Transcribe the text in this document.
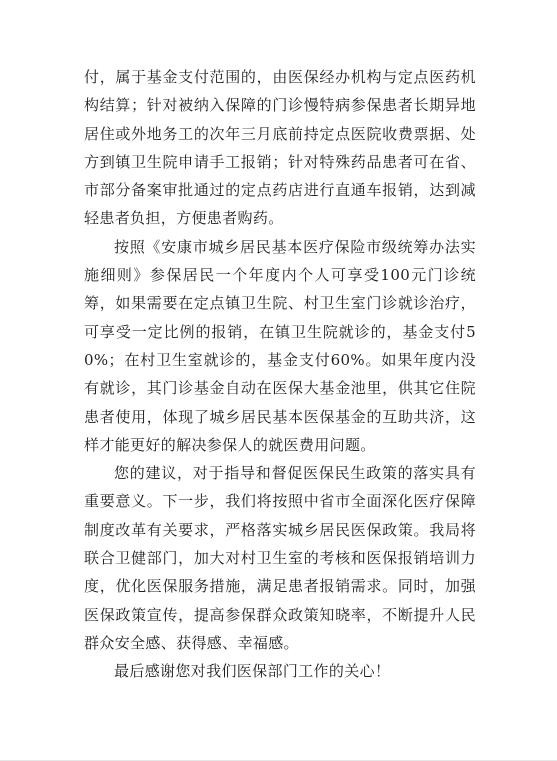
付，属于基金支付范围的，由医保经办机构与定点医药机构结算；针对被纳入保障的门诊慢特病参保患者长期异地居住或外地务工的次年三月底前持定点医院收费票据、处方到镇卫生院申请手工报销；针对特殊药品患者可在省、市部分备案审批通过的定点药店进行直通车报销，达到减轻患者负担，方便患者购药。

按照《安康市城乡居民基本医疗保险市级统筹办法实施细则》参保居民一个年度内个人可享受100元门诊统筹，如果需要在定点镇卫生院、村卫生室门诊就诊治疗，可享受一定比例的报销，在镇卫生院就诊的，基金支付50%；在村卫生室就诊的，基金支付60%。如果年度内没有就诊，其门诊基金自动在医保大基金池里，供其它住院患者使用，体现了城乡居民基本医保基金的互助共济，这样才能更好的解决参保人的就医费用问题。

您的建议，对于指导和督促医保民生政策的落实具有重要意义。下一步，我们将按照中省市全面深化医疗保障制度改革有关要求，严格落实城乡居民医保政策。我局将联合卫健部门，加大对村卫生室的考核和医保报销培训力度，优化医保服务措施，满足患者报销需求。同时，加强医保政策宣传，提高参保群众政策知晓率，不断提升人民群众安全感、获得感、幸福感。

最后感谢您对我们医保部门工作的关心！
